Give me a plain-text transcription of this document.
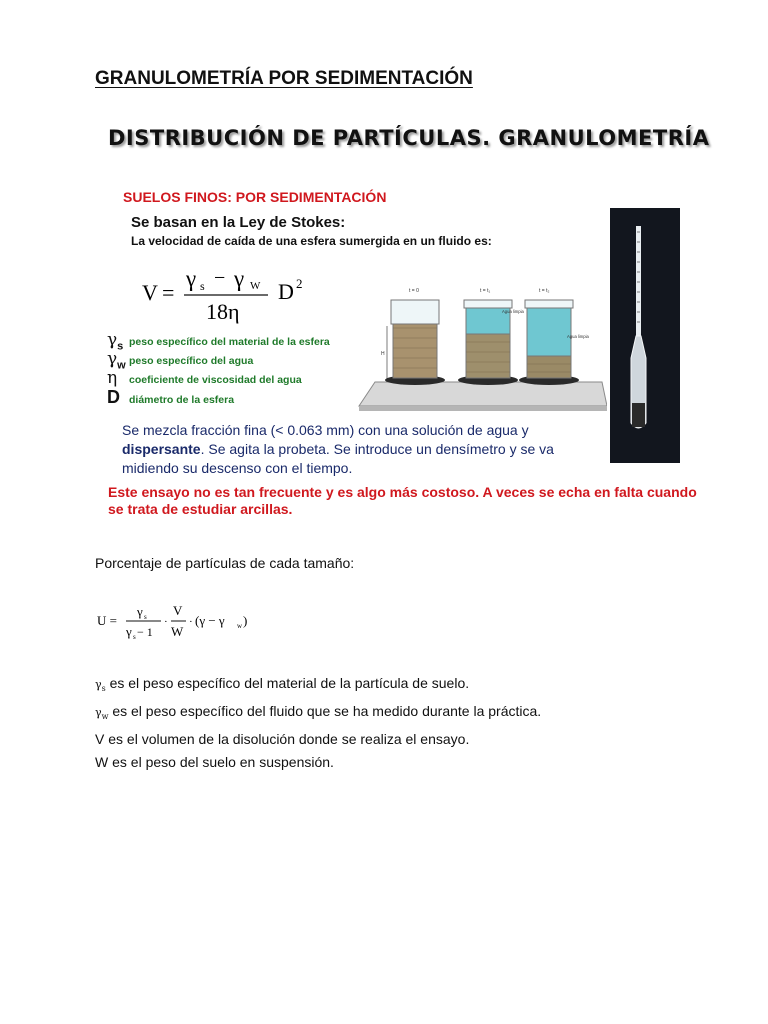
GRANULOMETRÍA POR SEDIMENTACIÓN
DISTRIBUCIÓN DE PARTÍCULAS. GRANULOMETRÍA
SUELOS FINOS: POR SEDIMENTACIÓN
Se basan en la Ley de Stokes:
La velocidad de caída de una esfera sumergida en un fluido es:
V =
γ s − γ W
18η
D 2
$\gamma_s$ peso específico del material de la esfera
$\gamma_w$ peso específico del agua
η	coeficiente de viscosidad del agua
D diámetro de la esfera
t = 0	t = t₁	t = t₂
H
Agua limpia
Agua limpia
Se mezcla fracción fina (< 0.063 mm) con una solución de agua y dispersante. Se agita la probeta. Se introduce un densímetro y se va midiendo su descenso con el tiempo.
Este ensayo no es tan frecuente y es algo más costoso. A veces se echa en falta cuando se trata de estudiar arcillas.
Porcentaje de partículas de cada tamaño:
U =
γ s
γ s − 1
·
V
W
· (γ − γ w )
$\gamma_s$ es el peso específico del material de la partícula de suelo.
$\gamma_w$ es el peso específico del fluido que se ha medido durante la práctica.
V es el volumen de la disolución donde se realiza el ensayo.
W es el peso del suelo en suspensión.
